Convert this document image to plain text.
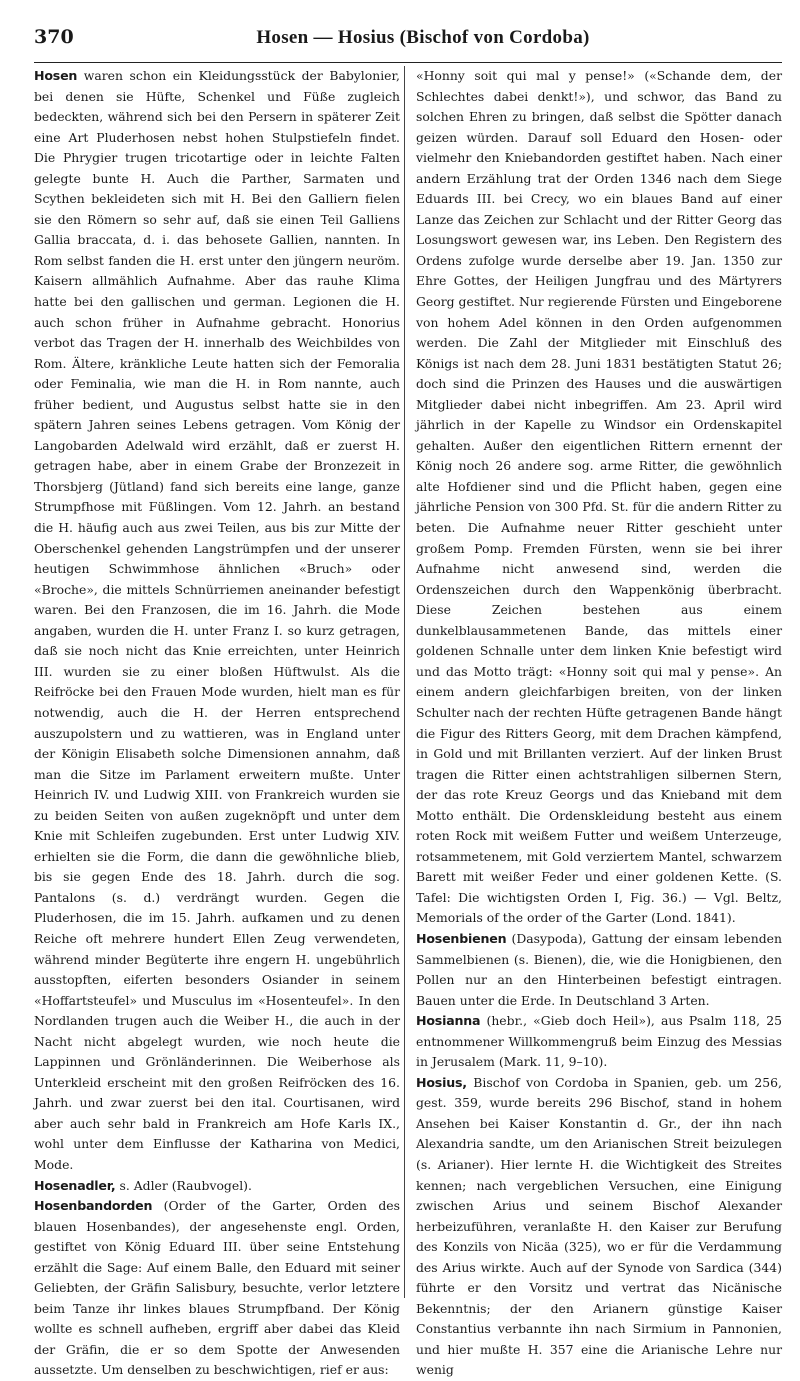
370	Hosen — Hosius (Bischof von Cordoba)

Hosen waren schon ein Kleidungsstück der Babylonier, bei denen sie Hüfte, Schenkel und Füße zugleich bedeckten, während sich bei den Persern in späterer Zeit eine Art Pluderhosen nebst hohen Stulpstiefeln findet. Die Phrygier trugen tricotartige oder in leichte Falten gelegte bunte H. Auch die Parther, Sarmaten und Scythen bekleideten sich mit H. Bei den Galliern fielen sie den Römern so sehr auf, daß sie einen Teil Galliens Gallia braccata, d. i. das behosete Gallien, nannten. In Rom selbst fanden die H. erst unter den jüngern neuröm. Kaisern allmählich Aufnahme. Aber das rauhe Klima hatte bei den gallischen und german. Legionen die H. auch schon früher in Aufnahme gebracht. Honorius verbot das Tragen der H. innerhalb des Weichbildes von Rom. Ältere, kränkliche Leute hatten sich der Femoralia oder Feminalia, wie man die H. in Rom nannte, auch früher bedient, und Augustus selbst hatte sie in den spätern Jahren seines Lebens getragen. Vom König der Langobarden Adelwald wird erzählt, daß er zuerst H. getragen habe, aber in einem Grabe der Bronzezeit in Thorsbjerg (Jütland) fand sich bereits eine lange, ganze Strumpfhose mit Füßlingen. Vom 12. Jahrh. an bestand die H. häufig auch aus zwei Teilen, aus bis zur Mitte der Oberschenkel gehenden Langstrümpfen und der unserer heutigen Schwimmhose ähnlichen «Bruch» oder «Broche», die mittels Schnürriemen aneinander befestigt waren. Bei den Franzosen, die im 16. Jahrh. die Mode angaben, wurden die H. unter Franz I. so kurz getragen, daß sie noch nicht das Knie erreichten, unter Heinrich III. wurden sie zu einer bloßen Hüftwulst. Als die Reifröcke bei den Frauen Mode wurden, hielt man es für notwendig, auch die H. der Herren entsprechend auszupolstern und zu wattieren, was in England unter der Königin Elisabeth solche Dimensionen annahm, daß man die Sitze im Parlament erweitern mußte. Unter Heinrich IV. und Ludwig XIII. von Frankreich wurden sie zu beiden Seiten von außen zugeknöpft und unter dem Knie mit Schleifen zugebunden. Erst unter Ludwig XIV. erhielten sie die Form, die dann die gewöhnliche blieb, bis sie gegen Ende des 18. Jahrh. durch die sog. Pantalons (s. d.) verdrängt wurden. Gegen die Pluderhosen, die im 15. Jahrh. aufkamen und zu denen Reiche oft mehrere hundert Ellen Zeug verwendeten, während minder Begüterte ihre engern H. ungebührlich ausstopften, eiferten besonders Osiander in seinem «Hoffartsteufel» und Musculus im «Hosenteufel». In den Nordlanden trugen auch die Weiber H., die auch in der Nacht nicht abgelegt wurden, wie noch heute die Lappinnen und Grönländerinnen. Die Weiberhose als Unterkleid erscheint mit den großen Reifröcken des 16. Jahrh. und zwar zuerst bei den ital. Courtisanen, wird aber auch sehr bald in Frankreich am Hofe Karls IX., wohl unter dem Einflusse der Katharina von Medici, Mode.

Hosenadler, s. Adler (Raubvogel).

Hosenbandorden (Order of the Garter, Orden des blauen Hosenbandes), der angesehenste engl. Orden, gestiftet von König Eduard III. über seine Entstehung erzählt die Sage: Auf einem Balle, den Eduard mit seiner Geliebten, der Gräfin Salisbury, besuchte, verlor letztere beim Tanze ihr linkes blaues Strumpfband. Der König wollte es schnell aufheben, ergriff aber dabei das Kleid der Gräfin, die er so dem Spotte der Anwesenden aussetzte. Um denselben zu beschwichtigen, rief er aus:

«Honny soit qui mal y pense!» («Schande dem, der Schlechtes dabei denkt!»), und schwor, das Band zu solchen Ehren zu bringen, daß selbst die Spötter danach geizen würden. Darauf soll Eduard den Hosen- oder vielmehr den Kniebandorden gestiftet haben. Nach einer andern Erzählung trat der Orden 1346 nach dem Siege Eduards III. bei Crecy, wo ein blaues Band auf einer Lanze das Zeichen zur Schlacht und der Ritter Georg das Losungswort gewesen war, ins Leben. Den Registern des Ordens zufolge wurde derselbe aber 19. Jan. 1350 zur Ehre Gottes, der Heiligen Jungfrau und des Märtyrers Georg gestiftet. Nur regierende Fürsten und Eingeborene von hohem Adel können in den Orden aufgenommen werden. Die Zahl der Mitglieder mit Einschluß des Königs ist nach dem 28. Juni 1831 bestätigten Statut 26; doch sind die Prinzen des Hauses und die auswärtigen Mitglieder dabei nicht inbegriffen. Am 23. April wird jährlich in der Kapelle zu Windsor ein Ordenskapitel gehalten. Außer den eigentlichen Rittern ernennt der König noch 26 andere sog. arme Ritter, die gewöhnlich alte Hofdiener sind und die Pflicht haben, gegen eine jährliche Pension von 300 Pfd. St. für die andern Ritter zu beten. Die Aufnahme neuer Ritter geschieht unter großem Pomp. Fremden Fürsten, wenn sie bei ihrer Aufnahme nicht anwesend sind, werden die Ordenszeichen durch den Wappenkönig überbracht. Diese Zeichen bestehen aus einem dunkelblausammetenen Bande, das mittels einer goldenen Schnalle unter dem linken Knie befestigt wird und das Motto trägt: «Honny soit qui mal y pense». An einem andern gleichfarbigen breiten, von der linken Schulter nach der rechten Hüfte getragenen Bande hängt die Figur des Ritters Georg, mit dem Drachen kämpfend, in Gold und mit Brillanten verziert. Auf der linken Brust tragen die Ritter einen achtstrahligen silbernen Stern, der das rote Kreuz Georgs und das Knieband mit dem Motto enthält. Die Ordenskleidung besteht aus einem roten Rock mit weißem Futter und weißem Unterzeuge, rotsammetenem, mit Gold verziertem Mantel, schwarzem Barett mit weißer Feder und einer goldenen Kette. (S. Tafel: Die wichtigsten Orden I, Fig. 36.) — Vgl. Beltz, Memorials of the order of the Garter (Lond. 1841).

Hosenbienen (Dasypoda), Gattung der einsam lebenden Sammelbienen (s. Bienen), die, wie die Honigbienen, den Pollen nur an den Hinterbeinen befestigt eintragen. Bauen unter die Erde. In Deutschland 3 Arten.

Hosianna (hebr., «Gieb doch Heil»), aus Psalm 118, 25 entnommener Willkommengruß beim Einzug des Messias in Jerusalem (Mark. 11, 9–10).

Hosius, Bischof von Cordoba in Spanien, geb. um 256, gest. 359, wurde bereits 296 Bischof, stand in hohem Ansehen bei Kaiser Konstantin d. Gr., der ihn nach Alexandria sandte, um den Arianischen Streit beizulegen (s. Arianer). Hier lernte H. die Wichtigkeit des Streites kennen; nach vergeblichen Versuchen, eine Einigung zwischen Arius und seinem Bischof Alexander herbeizuführen, veranlaßte H. den Kaiser zur Berufung des Konzils von Nicäa (325), wo er für die Verdammung des Arius wirkte. Auch auf der Synode von Sardica (344) führte er den Vorsitz und vertrat das Nicänische Bekenntnis; der den Arianern günstige Kaiser Constantius verbannte ihn nach Sirmium in Pannonien, und hier mußte H. 357 eine die Arianische Lehre nur wenig
